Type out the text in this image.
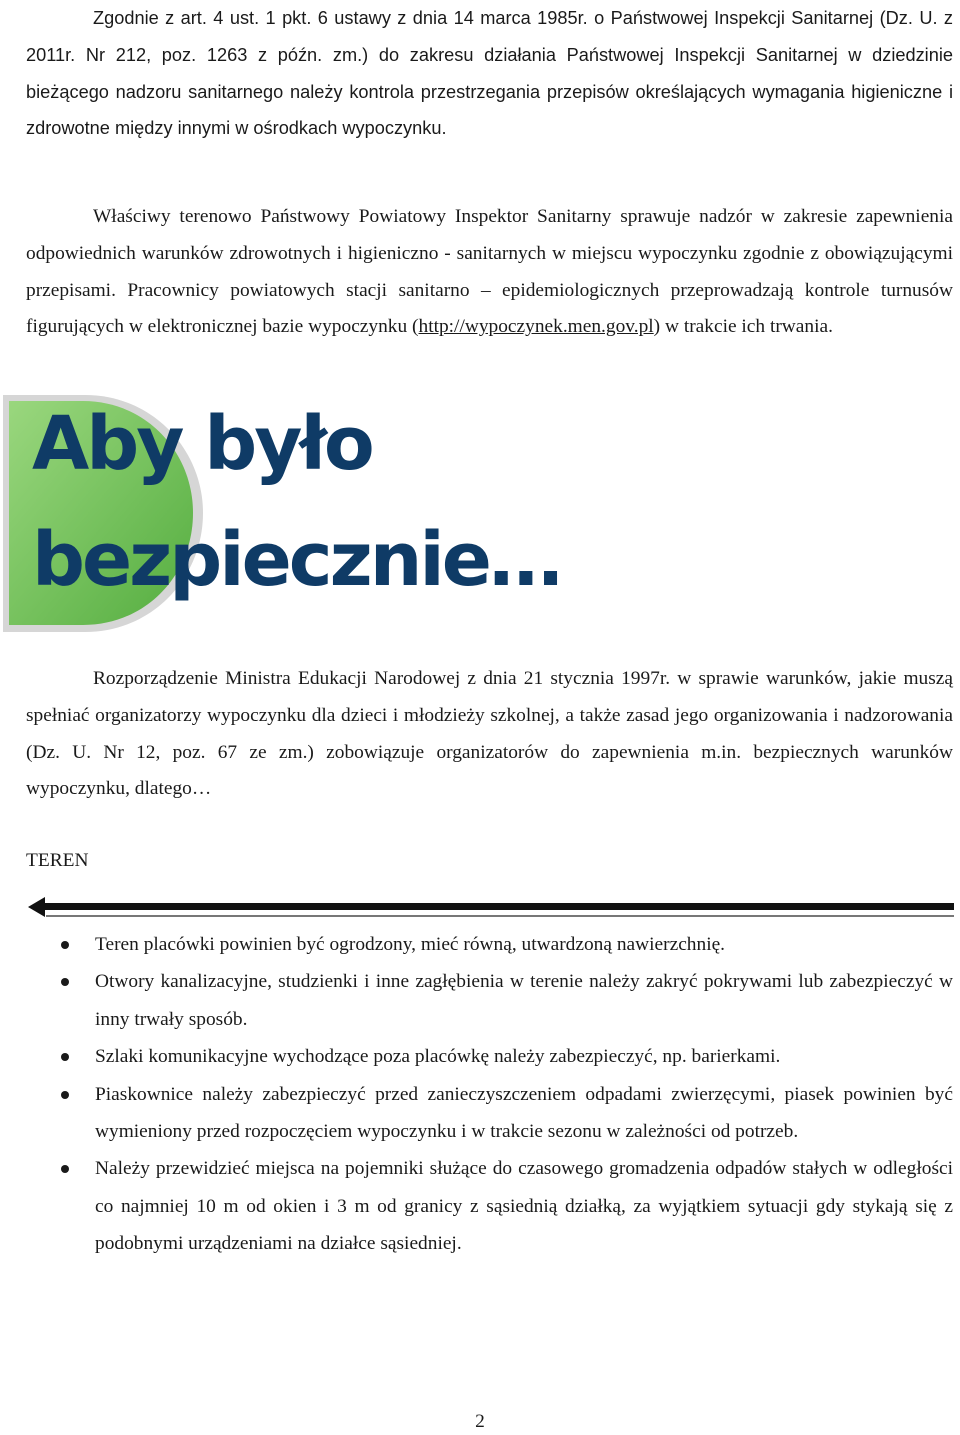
Zgodnie z art. 4 ust. 1 pkt. 6 ustawy z dnia 14 marca 1985r. o Państwowej Inspekcji Sanitarnej (Dz. U. z 2011r. Nr 212, poz. 1263 z późn. zm.) do zakresu działania Państwowej Inspekcji Sanitarnej w dziedzinie bieżącego nadzoru sanitarnego należy kontrola przestrzegania przepisów określających wymagania higieniczne i zdrowotne między innymi w ośrodkach wypoczynku.

Właściwy terenowo Państwowy Powiatowy Inspektor Sanitarny sprawuje nadzór w zakresie zapewnienia odpowiednich warunków zdrowotnych i higieniczno - sanitarnych w miejscu wypoczynku zgodnie z obowiązującymi przepisami. Pracownicy powiatowych stacji sanitarno – epidemiologicznych przeprowadzają kontrole turnusów figurujących w elektronicznej bazie wypoczynku (http://wypoczynek.men.gov.pl) w trakcie ich trwania.

Aby było
bezpiecznie…

Rozporządzenie Ministra Edukacji Narodowej z dnia 21 stycznia 1997r. w sprawie warunków, jakie muszą spełniać organizatorzy wypoczynku dla dzieci i młodzieży szkolnej, a także zasad jego organizowania i nadzorowania (Dz. U. Nr 12, poz. 67 ze zm.) zobowiązuje organizatorów do zapewnienia m.in. bezpiecznych warunków wypoczynku, dlatego…

TEREN
Teren placówki powinien być ogrodzony, mieć równą, utwardzoną nawierzchnię.
Otwory kanalizacyjne, studzienki i inne zagłębienia w terenie należy zakryć pokrywami lub zabezpieczyć w inny trwały sposób.
Szlaki komunikacyjne wychodzące poza placówkę należy zabezpieczyć, np. barierkami.
Piaskownice należy zabezpieczyć przed zanieczyszczeniem odpadami zwierzęcymi, piasek powinien być wymieniony przed rozpoczęciem wypoczynku i w trakcie sezonu w zależności od potrzeb.
Należy przewidzieć miejsca na pojemniki służące do czasowego gromadzenia odpadów stałych w odległości co najmniej 10 m od okien i 3 m od granicy z sąsiednią działką, za wyjątkiem sytuacji gdy stykają się z podobnymi urządzeniami na działce sąsiedniej.
2
